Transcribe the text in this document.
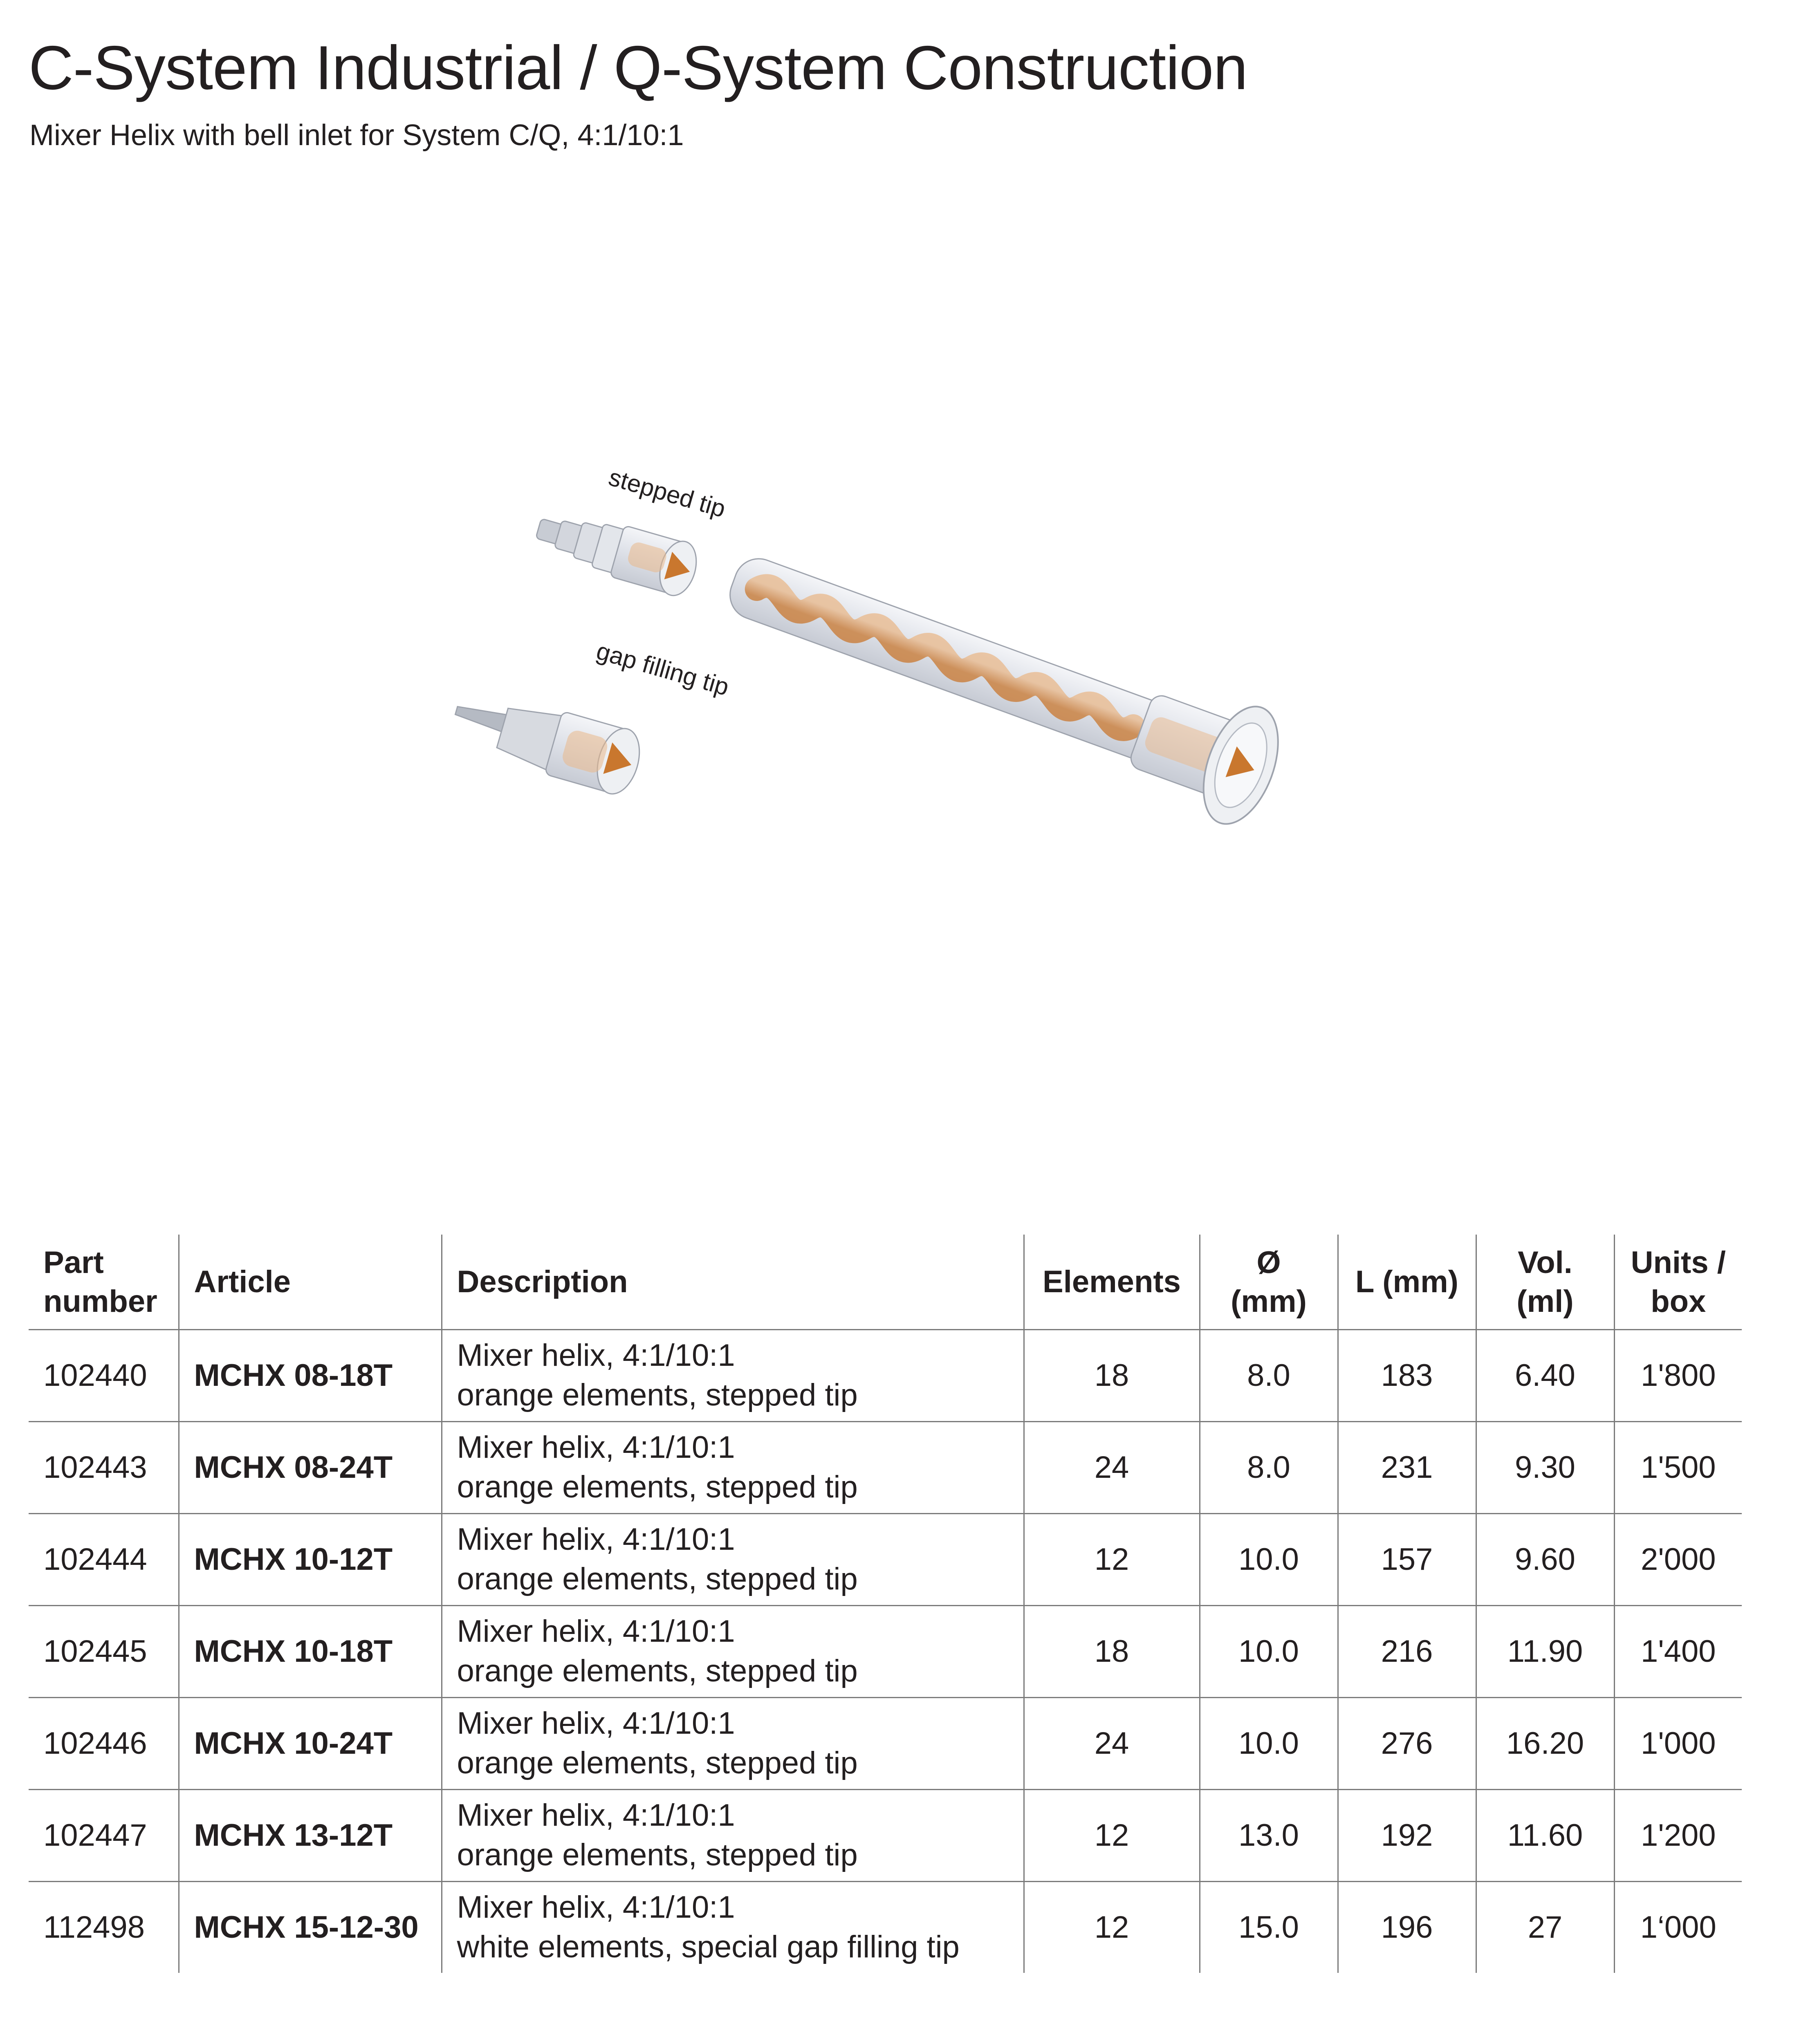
C-System Industrial / Q-System Construction
Mixer Helix with bell inlet for System C/Q, 4:1/10:1
stepped tip
gap filling tip
Part number	Article	Description	Elements	Ø (mm)	L (mm)	Vol. (ml)	Units / box
102440	MCHX 08-18T	Mixer helix, 4:1/10:1
orange elements, stepped tip	18	8.0	183	6.40	1'800
102443	MCHX 08-24T	Mixer helix, 4:1/10:1
orange elements, stepped tip	24	8.0	231	9.30	1'500
102444	MCHX 10-12T	Mixer helix, 4:1/10:1
orange elements, stepped tip	12	10.0	157	9.60	2'000
102445	MCHX 10-18T	Mixer helix, 4:1/10:1
orange elements, stepped tip	18	10.0	216	11.90	1'400
102446	MCHX 10-24T	Mixer helix, 4:1/10:1
orange elements, stepped tip	24	10.0	276	16.20	1'000
102447	MCHX 13-12T	Mixer helix, 4:1/10:1
orange elements, stepped tip	12	13.0	192	11.60	1'200
112498	MCHX 15-12-30	Mixer helix, 4:1/10:1
white elements, special gap filling tip	12	15.0	196	27	1‘000
